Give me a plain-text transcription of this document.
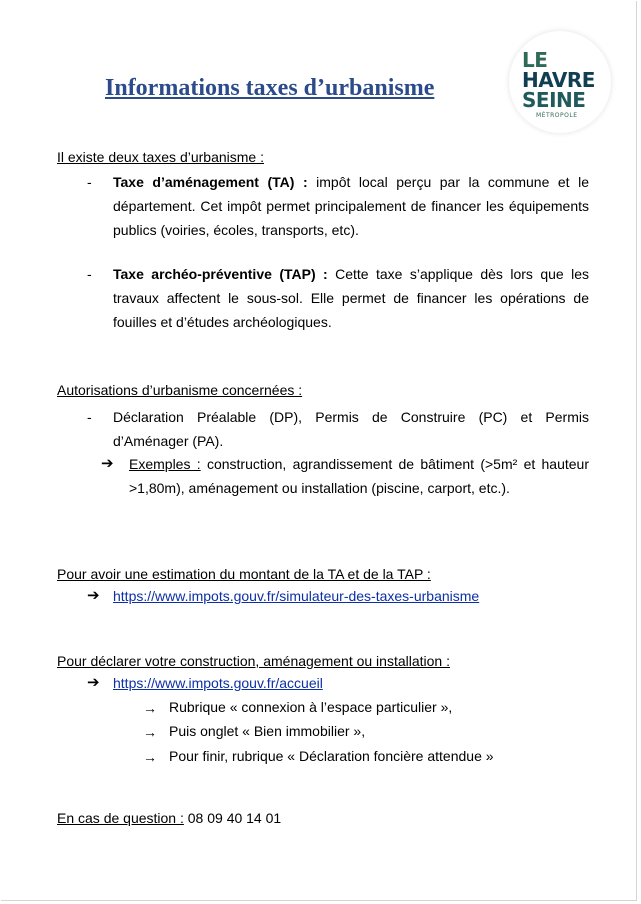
Informations taxes d’urbanisme
LE
HAVRE
SEINE
MÉTROPOLE
Il existe deux taxes d’urbanisme :
- Taxe d’aménagement (TA) : impôt local perçu par la commune et le département. Cet impôt permet principalement de financer les équipements publics (voiries, écoles, transports, etc).
- Taxe archéo-préventive (TAP) : Cette taxe s’applique dès lors que les travaux affectent le sous-sol. Elle permet de financer les opérations de fouilles et d’études archéologiques.
Autorisations d’urbanisme concernées :
- Déclaration Préalable (DP), Permis de Construire (PC) et Permis d’Aménager (PA).
➔ Exemples : construction, agrandissement de bâtiment (>5m² et hauteur >1,80m), aménagement ou installation (piscine, carport, etc.).
Pour avoir une estimation du montant de la TA et de la TAP :
➔ https://www.impots.gouv.fr/simulateur-des-taxes-urbanisme
Pour déclarer votre construction, aménagement ou installation :
➔ https://www.impots.gouv.fr/accueil
→ Rubrique « connexion à l’espace particulier »,
→ Puis onglet « Bien immobilier »,
→ Pour finir, rubrique « Déclaration foncière attendue »
En cas de question : 08 09 40 14 01
